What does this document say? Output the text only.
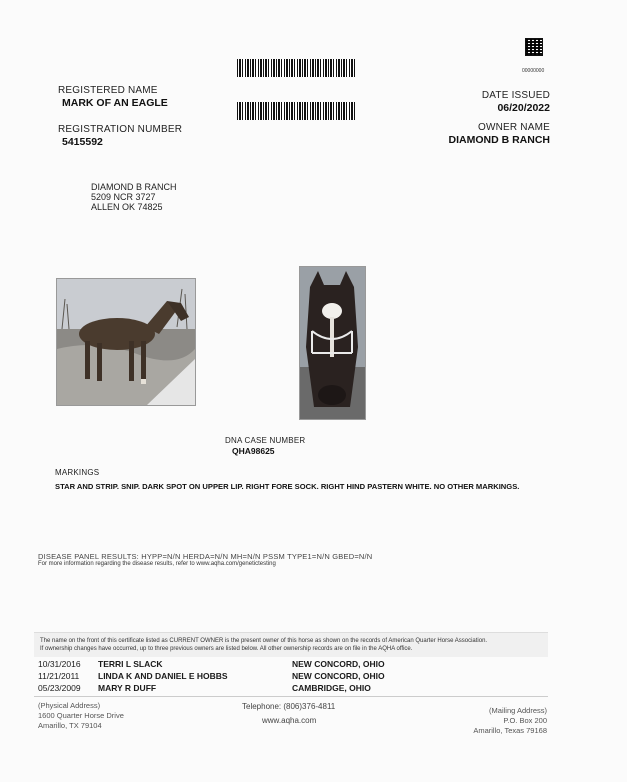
00000000
REGISTERED NAME
MARK OF AN EAGLE
REGISTRATION NUMBER
5415592
DATE ISSUED
06/20/2022
OWNER NAME
DIAMOND B RANCH
DIAMOND B RANCH
5209 NCR 3727
ALLEN OK 74825
DNA CASE NUMBER
QHA98625
MARKINGS
STAR AND STRIP. SNIP. DARK SPOT ON UPPER LIP. RIGHT FORE SOCK. RIGHT HIND PASTERN WHITE. NO OTHER MARKINGS.
DISEASE PANEL RESULTS: HYPP=N/N HERDA=N/N MH=N/N PSSM TYPE1=N/N GBED=N/N
For more information regarding the disease results, refer to www.aqha.com/genetictesting
The name on the front of this certificate listed as CURRENT OWNER is the present owner of this horse as shown on the records of American Quarter Horse Association.
If ownership changes have occurred, up to three previous owners are listed below. All other ownership records are on file in the AQHA office.
10/31/2016 TERRI L SLACK	NEW CONCORD, OHIO
11/21/2011 LINDA K AND DANIEL E HOBBS	NEW CONCORD, OHIO
05/23/2009 MARY R DUFF	CAMBRIDGE, OHIO
(Physical Address)
1600 Quarter Horse Drive
Amarillo, TX 79104
Telephone: (806)376-4811
www.aqha.com
(Mailing Address)
P.O. Box 200
Amarillo, Texas 79168
